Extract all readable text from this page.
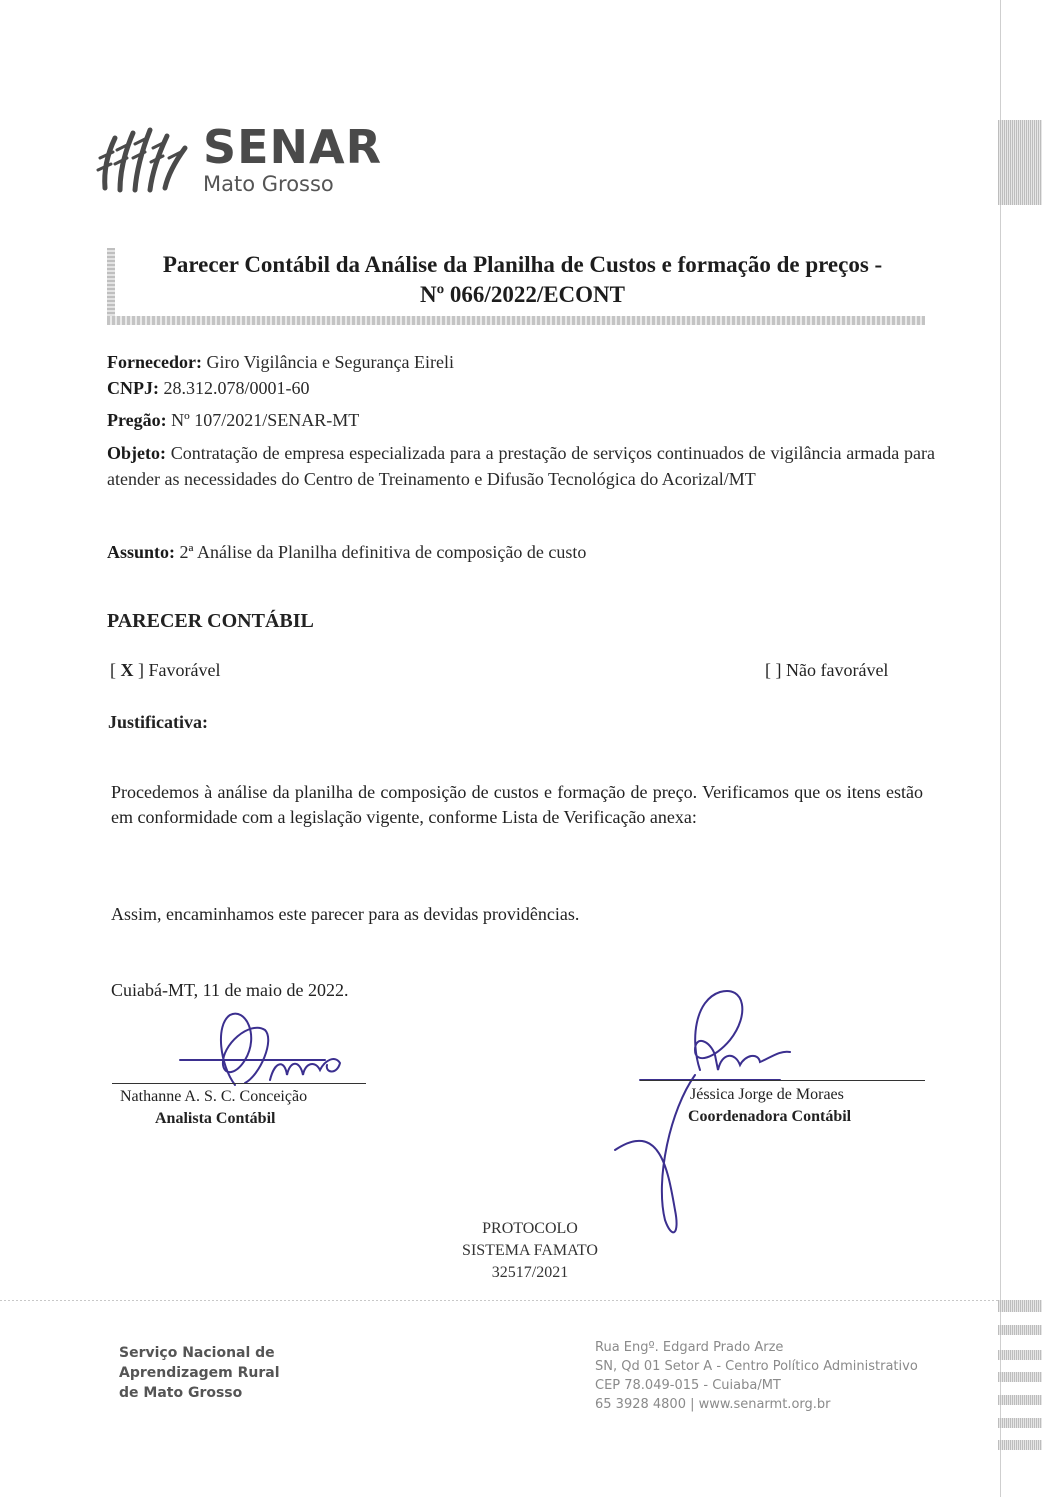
SENAR
Mato Grosso
Parecer Contábil da Análise da Planilha de Custos e formação de preços -
Nº 066/2022/ECONT
Fornecedor: Giro Vigilância e Segurança Eireli
CNPJ: 28.312.078/0001-60
Pregão: Nº 107/2021/SENAR-MT
Objeto: Contratação de empresa especializada para a prestação de serviços continuados de vigilância armada para atender as necessidades do Centro de Treinamento e Difusão Tecnológica do Acorizal/MT
Assunto: 2ª Análise da Planilha definitiva de composição de custo
PARECER CONTÁBIL
[ X ] Favorável	[ ] Não favorável
Justificativa:
Procedemos à análise da planilha de composição de custos e formação de preço. Verificamos que os itens estão em conformidade com a legislação vigente, conforme Lista de Verificação anexa:
Assim, encaminhamos este parecer para as devidas providências.
Cuiabá-MT, 11 de maio de 2022.
Nathanne A. S. C. Conceição
Analista Contábil
Jéssica Jorge de Moraes
Coordenadora Contábil
PROTOCOLO
SISTEMA FAMATO
32517/2021
Serviço Nacional de
Aprendizagem Rural
de Mato Grosso
Rua Engº. Edgard Prado Arze
SN, Qd 01 Setor A - Centro Político Administrativo
CEP 78.049-015 - Cuiaba/MT
65 3928 4800 | www.senarmt.org.br
